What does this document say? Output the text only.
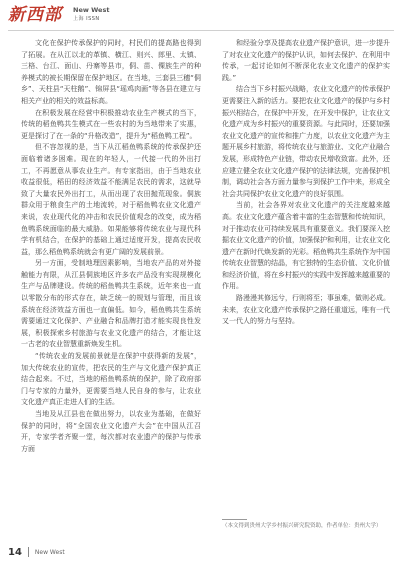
新西部 New West
上海 ISSN

文化在保护传承保护的同时，村民们的提高路也得到了拓展。在从江以北的革镇、横江、则兴、郎里、太镇、三格、台江、面山、丹寨等县市，侗、苗、傈族生产的种养模式的被长期保留在保护地区。在当地，三套县三穗“侗乡”、天柱县“天柱鹅”、锦屏县“瑶鸡肉画”等各县在建立与相关产业的相关的效益标高。

在积极发展在经营中积极推动农业生产模式的当下，传统的稻鱼鸭共生模式在一些农村的为当地带来了实惠，更是探讨了在一条的“升格改造”，提升为“稻鱼鸭工程”。

但不容忽视的是，当下从江稻鱼鸭系统的传承保护还面临着诸多困难。现在的年轻人，一代接一代的外出打工，不再愿意从事农业生产。有专家指出，由于当地农业收益很低，稻田的经济效益不能满足农民的需求，这就导致了大量农民外出打工，从而出现了农田抛荒现象。侗族群众用于粮食生产的土地流转，对于稻鱼鸭农业文化遗产来说，农业现代化的冲击和农民价值观念的改变，成为稻鱼鸭系统面临的最大威胁。如果能够将传统农业与现代科学有机结合，在保护的基础上通过适度开发，提高农民收益，那么稻鱼鸭系统就会有更广阔的发展前景。

另一方面，受制地理因素影响，当地农产品的对外接触能力有限，从江县侗族地区许多农产品没有实现规模化生产与品牌建设。传统的稻鱼鸭共生系统，近年来也一直以零散分布的形式存在，缺乏统一的规划与管理，而且该系统在经济效益方面也一直偏低。如今，稻鱼鸭共生系统需要通过文化保护、产业融合和品牌打造才能实现良性发展，积极探索乡村旅游与农业文化遗产的结合，才能让这一古老的农业智慧重新焕发生机。

“传统农业的发展前景就是在保护中获得新的发展”，加大传统农业的宣传，把农民的生产与文化遗产保护真正结合起来。不过，当地的稻鱼鸭系统的保护，除了政府部门与专家的力量外，更需要当地人民自身的参与，让农业文化遗产真正走进人们的生活。

当地及从江县也在做出努力，以农业为基础，在做好保护的同时，将“全国农业文化遗产大会”在中国从江召开，专家学者齐聚一堂，每次都对农业遗产的保护与传承方面

和经验分享及提高农业遗产保护意识，进一步提升了对农业文化遗产的保护认识，如何去保护、在利用中传承，一起讨论如何不断深化农业文化遗产的保护实践。”

结合当下乡村振兴战略，农业文化遗产的传承保护更需要注入新的活力。要把农业文化遗产的保护与乡村振兴相结合，在保护中开发，在开发中保护，让农业文化遗产成为乡村振兴的重要资源。与此同时，还要加强农业文化遗产的宣传和推广力度，以农业文化遗产为主题开展乡村旅游，将传统农业与旅游业、文化产业融合发展，形成特色产业链，带动农民增收致富。此外，还应建立健全农业文化遗产保护的法律法规，完善保护机制，调动社会各方面力量参与到保护工作中来，形成全社会共同保护农业文化遗产的良好氛围。

当前，社会各界对农业文化遗产的关注度越来越高。农业文化遗产蕴含着丰富的生态智慧和传统知识，对于推动农业可持续发展具有重要意义。我们要深入挖掘农业文化遗产的价值，加强保护和利用，让农业文化遗产在新时代焕发新的光彩。稻鱼鸭共生系统作为中国传统农业智慧的结晶，有它独特的生态价值、文化价值和经济价值，将在乡村振兴的实践中发挥越来越重要的作用。

路漫漫其修远兮，行则将至；事虽难，做则必成。未来，农业文化遗产传承保护之路任重道远，唯有一代又一代人的努力与坚持。

（本文得到贵州大学乡村振兴研究院资助，作者单位：贵州大学）
14 New West
